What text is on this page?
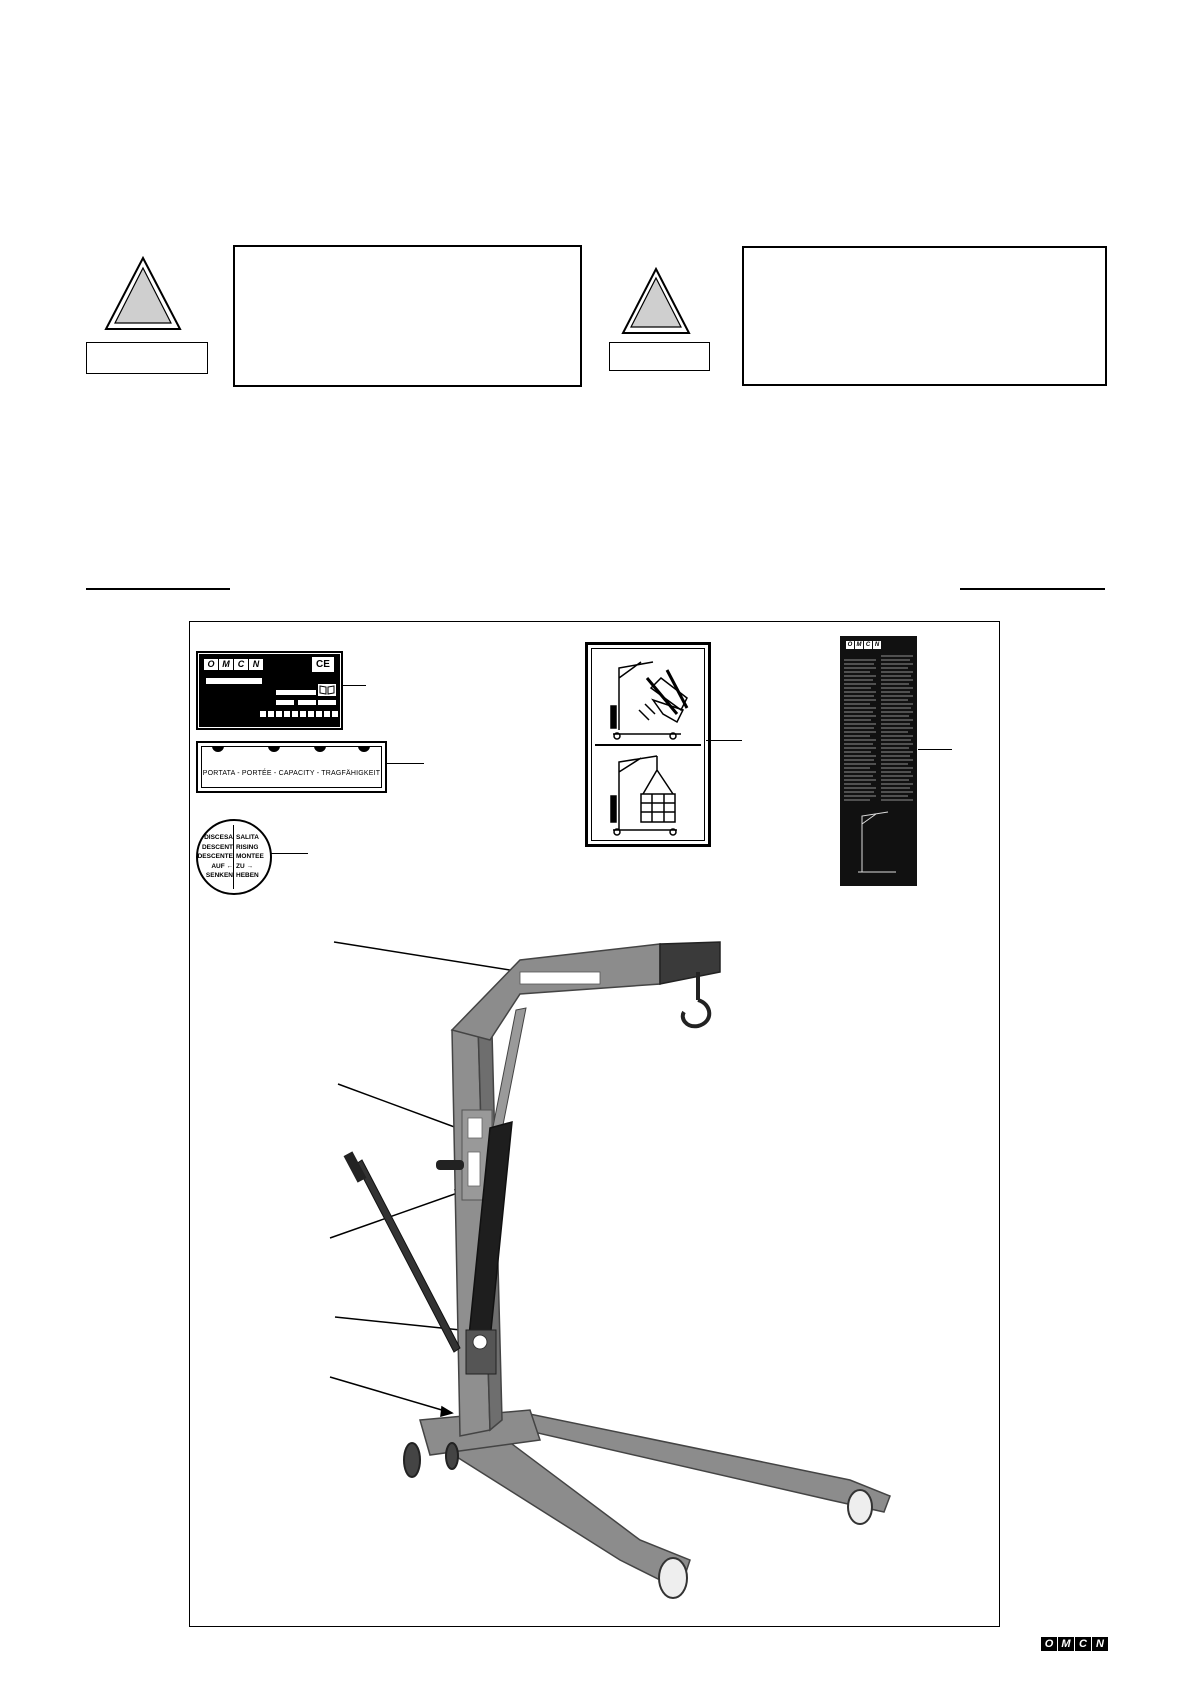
O M C N	CE
PORTATA - PORTÉE - CAPACITY - TRAGFÄHIGKEIT
DISCESA
DESCENT
DESCENTE
AUF ←
SENKEN
SALITA
RISING
MONTEE
ZU →
HEBEN
O M C N
O M C N
